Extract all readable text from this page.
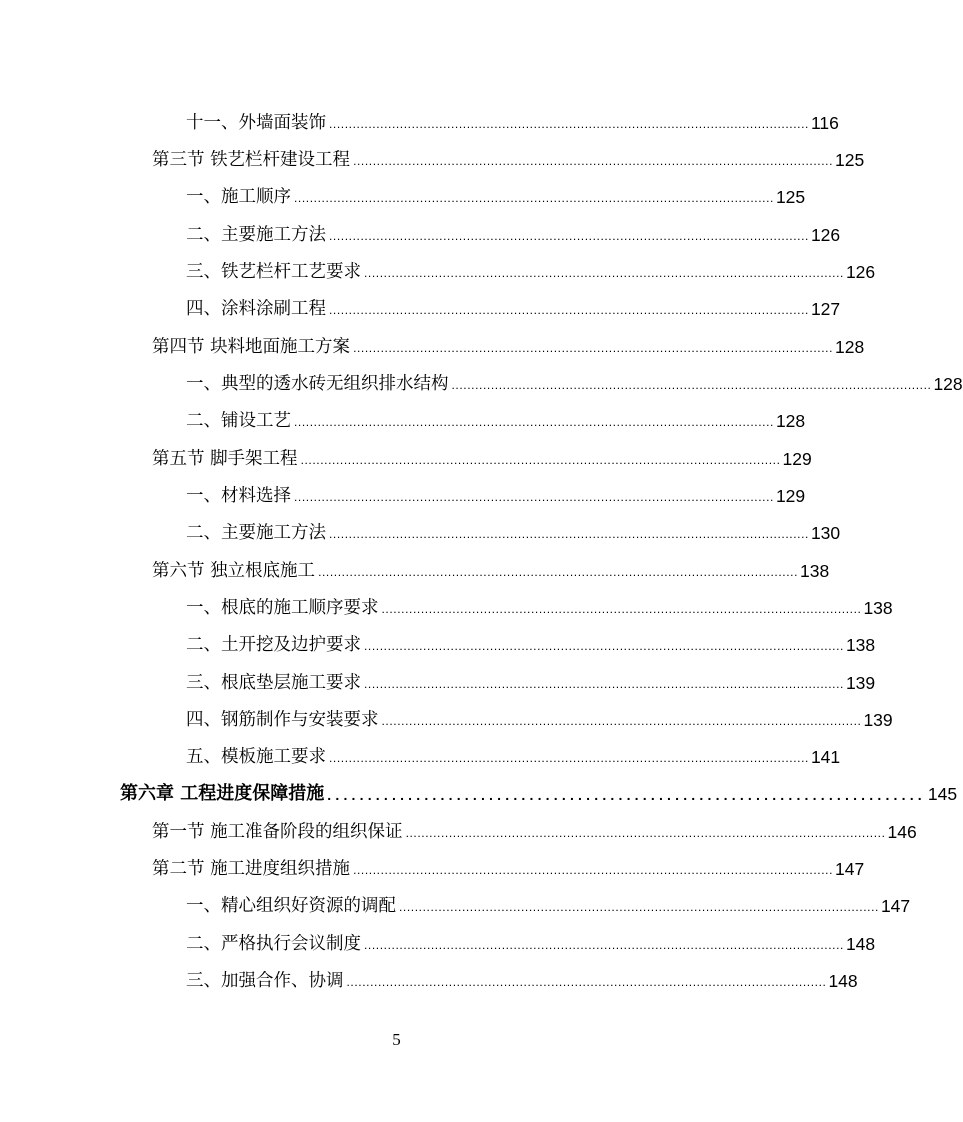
十一、外墙面装饰 .......................................................................................................................... 116
第三节 铁艺栏杆建设工程 .......................................................................................................................... 125
一、施工顺序 .......................................................................................................................... 125
二、主要施工方法 .......................................................................................................................... 126
三、铁艺栏杆工艺要求 .......................................................................................................................... 126
四、涂料涂刷工程 .......................................................................................................................... 127
第四节 块料地面施工方案 .......................................................................................................................... 128
一、典型的透水砖无组织排水结构 .......................................................................................................................... 128
二、铺设工艺 .......................................................................................................................... 128
第五节 脚手架工程 .......................................................................................................................... 129
一、材料选择 .......................................................................................................................... 129
二、主要施工方法 .......................................................................................................................... 130
第六节 独立根底施工 .......................................................................................................................... 138
一、根底的施工顺序要求 .......................................................................................................................... 138
二、土开挖及边护要求 .......................................................................................................................... 138
三、根底垫层施工要求 .......................................................................................................................... 139
四、钢筋制作与安装要求 .......................................................................................................................... 139
五、模板施工要求 .......................................................................................................................... 141
第六章 工程进度保障措施 .......................................................................... 145
第一节 施工准备阶段的组织保证 .......................................................................................................................... 146
第二节 施工进度组织措施 .......................................................................................................................... 147
一、精心组织好资源的调配 .......................................................................................................................... 147
二、严格执行会议制度 .......................................................................................................................... 148
三、加强合作、协调 .......................................................................................................................... 148
5
